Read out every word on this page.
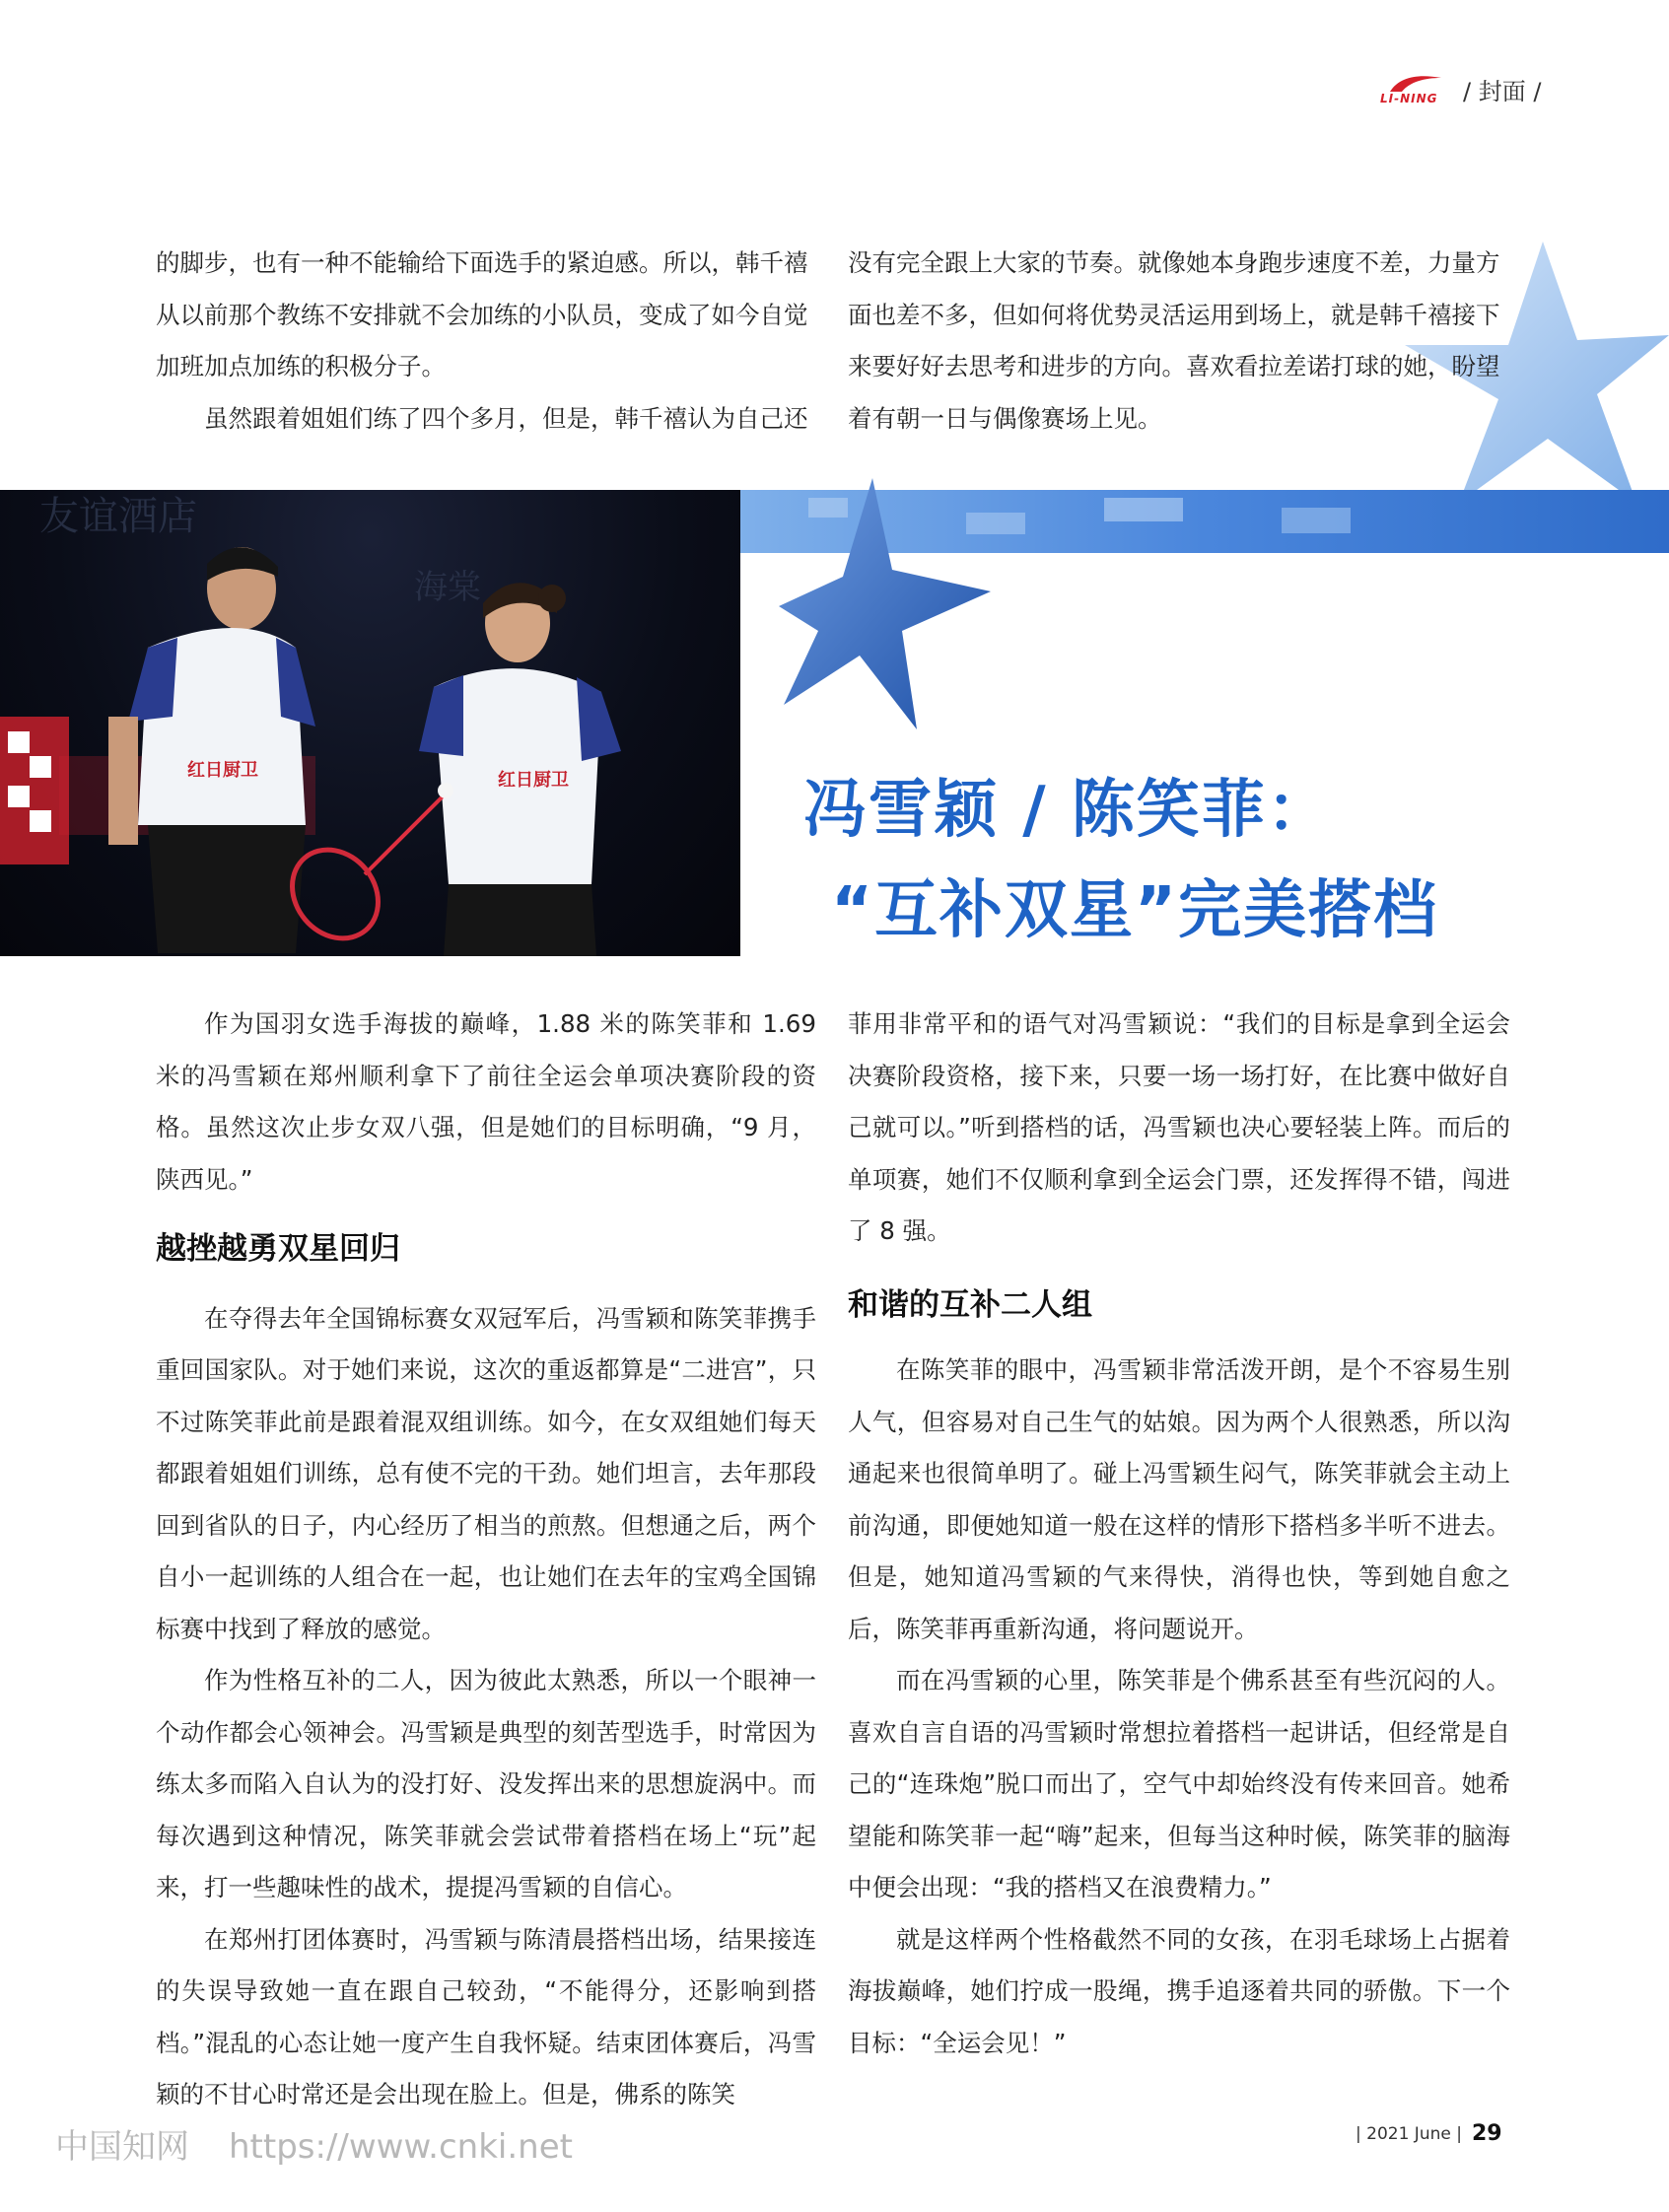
LI-NING / 封面 /
的脚步，也有一种不能输给下面选手的紧迫感。所以，韩千禧
从以前那个教练不安排就不会加练的小队员，变成了如今自觉
加班加点加练的积极分子。
虽然跟着姐姐们练了四个多月，但是，韩千禧认为自己还
没有完全跟上大家的节奏。就像她本身跑步速度不差，力量方
面也差不多，但如何将优势灵活运用到场上，就是韩千禧接下
来要好好去思考和进步的方向。喜欢看拉差诺打球的她，盼望
着有朝一日与偶像赛场上见。
友谊酒店
海棠
红日厨卫	红日厨卫	冯雪颖 / 陈笑菲：
“互补双星”完美搭档

作为国羽女选手海拔的巅峰，1.88 米的陈笑菲和 1.69 米的冯雪颖在郑州顺利拿下了前往全运会单项决赛阶段的资格。虽然这次止步女双八强，但是她们的目标明确，“9 月，陕西见。”

越挫越勇双星回归

在夺得去年全国锦标赛女双冠军后，冯雪颖和陈笑菲携手重回国家队。对于她们来说，这次的重返都算是“二进宫”，只不过陈笑菲此前是跟着混双组训练。如今，在女双组她们每天都跟着姐姐们训练，总有使不完的干劲。她们坦言，去年那段回到省队的日子，内心经历了相当的煎熬。但想通之后，两个自小一起训练的人组合在一起，也让她们在去年的宝鸡全国锦标赛中找到了释放的感觉。

作为性格互补的二人，因为彼此太熟悉，所以一个眼神一个动作都会心领神会。冯雪颖是典型的刻苦型选手，时常因为练太多而陷入自认为的没打好、没发挥出来的思想旋涡中。而每次遇到这种情况，陈笑菲就会尝试带着搭档在场上“玩”起来，打一些趣味性的战术，提提冯雪颖的自信心。

在郑州打团体赛时，冯雪颖与陈清晨搭档出场，结果接连的失误导致她一直在跟自己较劲，“不能得分，还影响到搭档。”混乱的心态让她一度产生自我怀疑。结束团体赛后，冯雪颖的不甘心时常还是会出现在脸上。但是，佛系的陈笑

菲用非常平和的语气对冯雪颖说：“我们的目标是拿到全运会决赛阶段资格，接下来，只要一场一场打好，在比赛中做好自己就可以。”听到搭档的话，冯雪颖也决心要轻装上阵。而后的单项赛，她们不仅顺利拿到全运会门票，还发挥得不错，闯进了 8 强。

和谐的互补二人组

在陈笑菲的眼中，冯雪颖非常活泼开朗，是个不容易生别人气，但容易对自己生气的姑娘。因为两个人很熟悉，所以沟通起来也很简单明了。碰上冯雪颖生闷气，陈笑菲就会主动上前沟通，即便她知道一般在这样的情形下搭档多半听不进去。但是，她知道冯雪颖的气来得快，消得也快，等到她自愈之后，陈笑菲再重新沟通，将问题说开。

而在冯雪颖的心里，陈笑菲是个佛系甚至有些沉闷的人。喜欢自言自语的冯雪颖时常想拉着搭档一起讲话，但经常是自己的“连珠炮”脱口而出了，空气中却始终没有传来回音。她希望能和陈笑菲一起“嗨”起来，但每当这种时候，陈笑菲的脑海中便会出现：“我的搭档又在浪费精力。”

就是这样两个性格截然不同的女孩，在羽毛球场上占据着海拔巅峰，她们拧成一股绳，携手追逐着共同的骄傲。下一个目标：“全运会见！”

中国知网 https://www.cnki.net	| 2021 June | 29
